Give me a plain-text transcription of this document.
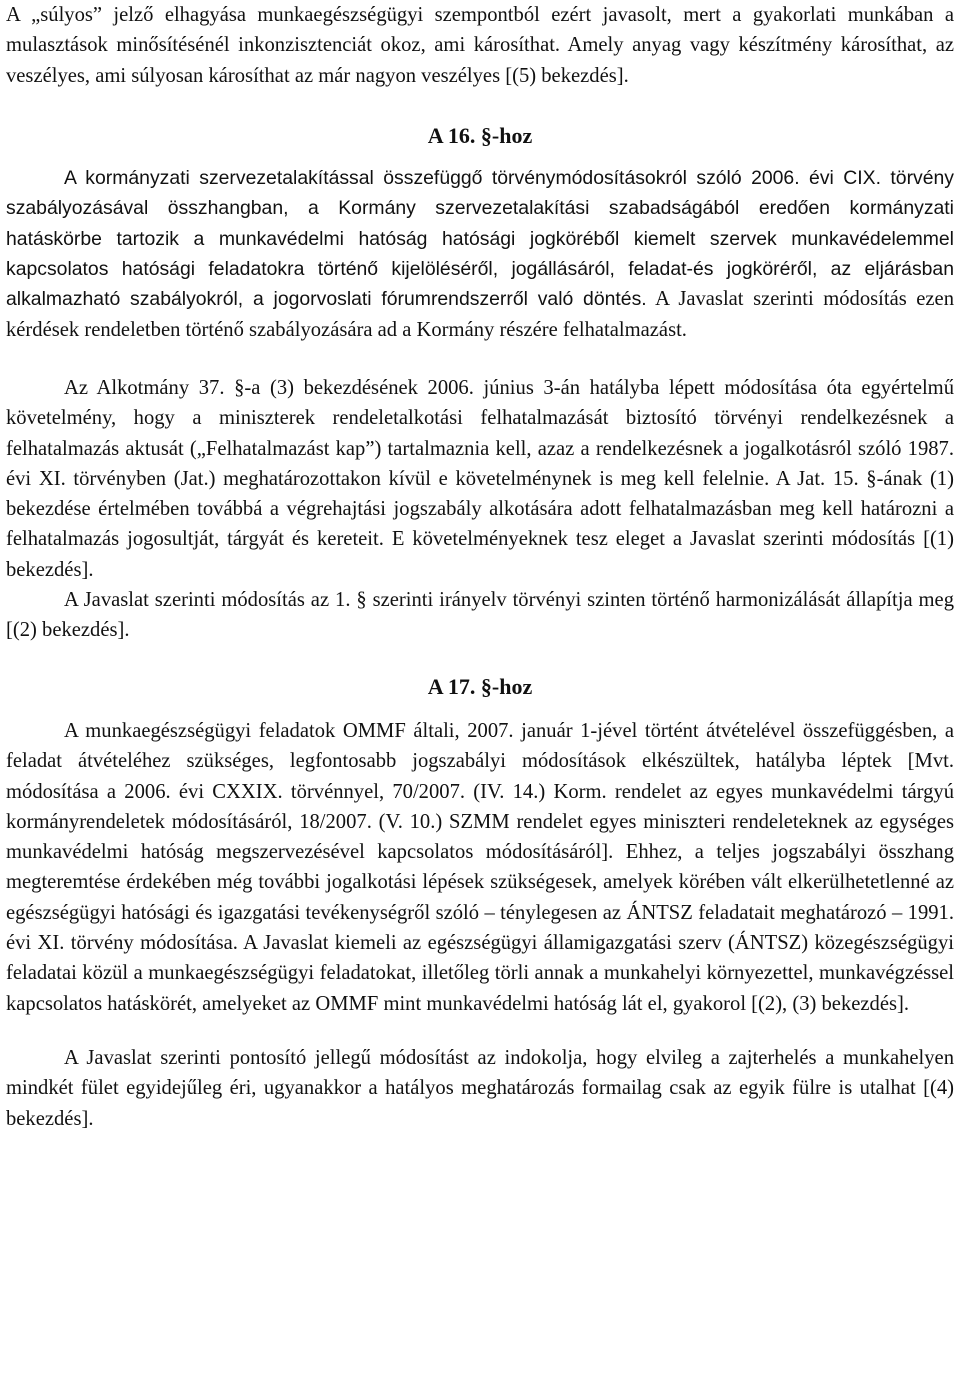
A „súlyos” jelző elhagyása munkaegészségügyi szempontból ezért javasolt, mert a gyakorlati munkában a mulasztások minősítésénél inkonzisztenciát okoz, ami károsíthat. Amely anyag vagy készítmény károsíthat, az veszélyes, ami súlyosan károsíthat az már nagyon veszélyes [(5) bekezdés].

A 16. §-hoz

A kormányzati szervezetalakítással összefüggő törvénymódosításokról szóló 2006. évi CIX. törvény szabályozásával összhangban, a Kormány szervezetalakítási szabadságából eredően kormányzati hatáskörbe tartozik a munkavédelmi hatóság hatósági jogköréből kiemelt szervek munkavédelemmel kapcsolatos hatósági feladatokra történő kijelöléséről, jogállásáról, feladat-és jogköréről, az eljárásban alkalmazható szabályokról, a jogorvoslati fórumrendszerről való döntés. A Javaslat szerinti módosítás ezen kérdések rendeletben történő szabályozására ad a Kormány részére felhatalmazást.

Az Alkotmány 37. §-a (3) bekezdésének 2006. június 3-án hatályba lépett módosítása óta egyértelmű követelmény, hogy a miniszterek rendeletalkotási felhatalmazását biztosító törvényi rendelkezésnek a felhatalmazás aktusát („Felhatalmazást kap”) tartalmaznia kell, azaz a rendelkezésnek a jogalkotásról szóló 1987. évi XI. törvényben (Jat.) meghatározottakon kívül e követelménynek is meg kell felelnie. A Jat. 15. §-ának (1) bekezdése értelmében továbbá a végrehajtási jogszabály alkotására adott felhatalmazásban meg kell határozni a felhatalmazás jogosultját, tárgyát és kereteit. E követelményeknek tesz eleget a Javaslat szerinti módosítás [(1) bekezdés].

A Javaslat szerinti módosítás az 1. § szerinti irányelv törvényi szinten történő harmonizálását állapítja meg [(2) bekezdés].

A 17. §-hoz

A munkaegészségügyi feladatok OMMF általi, 2007. január 1-jével történt átvételével összefüggésben, a feladat átvételéhez szükséges, legfontosabb jogszabályi módosítások elkészültek, hatályba léptek [Mvt. módosítása a 2006. évi CXXIX. törvénnyel, 70/2007. (IV. 14.) Korm. rendelet az egyes munkavédelmi tárgyú kormányrendeletek módosításáról, 18/2007. (V. 10.) SZMM rendelet egyes miniszteri rendeleteknek az egységes munkavédelmi hatóság megszervezésével kapcsolatos módosításáról]. Ehhez, a teljes jogszabályi összhang megteremtése érdekében még további jogalkotási lépések szükségesek, amelyek körében vált elkerülhetetlenné az egészségügyi hatósági és igazgatási tevékenységről szóló – ténylegesen az ÁNTSZ feladatait meghatározó – 1991. évi XI. törvény módosítása. A Javaslat kiemeli az egészségügyi államigazgatási szerv (ÁNTSZ) közegészségügyi feladatai közül a munkaegészségügyi feladatokat, illetőleg törli annak a munkahelyi környezettel, munkavégzéssel kapcsolatos hatáskörét, amelyeket az OMMF mint munkavédelmi hatóság lát el, gyakorol [(2), (3) bekezdés].

A Javaslat szerinti pontosító jellegű módosítást az indokolja, hogy elvileg a zajterhelés a munkahelyen mindkét fület egyidejűleg éri, ugyanakkor a hatályos meghatározás formailag csak az egyik fülre is utalhat [(4) bekezdés].
